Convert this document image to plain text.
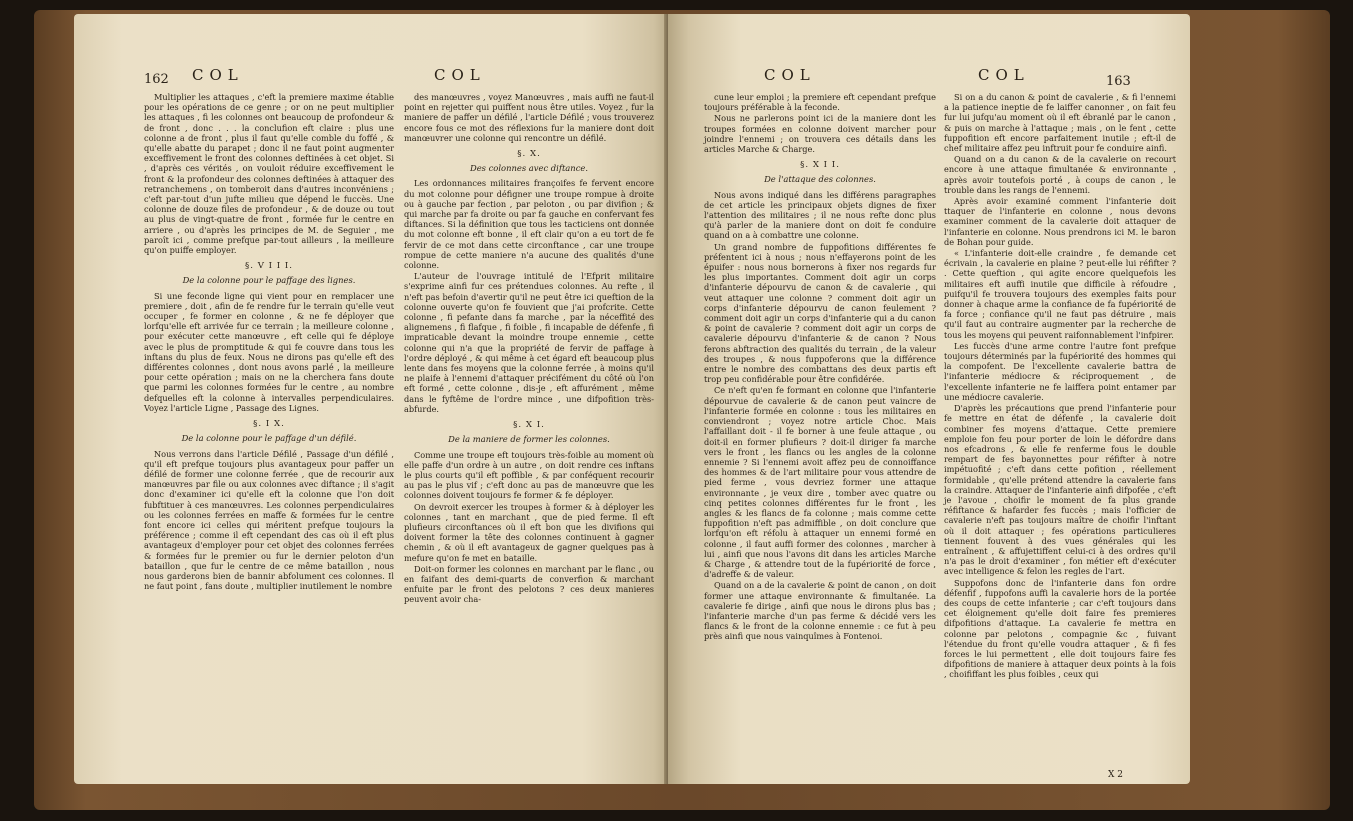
162 COL	COL

Multiplier les attaques , c'eft la premiere maxime établie pour les opérations de ce genre ; or on ne peut multiplier les attaques , fi les colonnes ont beaucoup de profondeur & de front , donc . . . la conclufion eft claire : plus une colonne a de front , plus il faut qu'elle comble du foffé , & qu'elle abatte du parapet ; donc il ne faut point augmenter exceffivement le front des colonnes deftinées à cet objet. Si , d'après ces vérités , on vouloit réduire exceffivement le front & la profondeur des colonnes deftinées à attaquer des retranchemens , on tomberoit dans d'autres inconvéniens ; c'eft par-tout d'un jufte milieu que dépend le fuccès. Une colonne de douze files de profondeur , & de douze ou tout au plus de vingt-quatre de front , formée fur le centre en arriere , ou d'après les principes de M. de Seguier , me paroît ici , comme prefque par-tout ailleurs , la meilleure qu'on puiffe employer.

§. V I I I.
De la colonne pour le paffage des lignes.

Si une feconde ligne qui vient pour en remplacer une premiere , doit , afin de fe rendre fur le terrain qu'elle veut occuper , fe former en colonne , & ne fe déployer que lorfqu'elle eft arrivée fur ce terrain ; la meilleure colonne , pour exécuter cette manœuvre , eft celle qui fe déploye avec le plus de promptitude & qui fe couvre dans tous les inftans du plus de feux. Nous ne dirons pas qu'elle eft des différentes colonnes , dont nous avons parlé , la meilleure pour cette opération ; mais on ne la cherchera fans doute que parmi les colonnes formées fur le centre , au nombre defquelles eft la colonne à intervalles perpendiculaires. Voyez l'article Ligne , Passage des Lignes.

§. I X.
De la colonne pour le paffage d'un défilé.

Nous verrons dans l'article Défilé , Passage d'un défilé , qu'il eft prefque toujours plus avantageux pour paffer un défilé de former une colonne ferrée , que de recourir aux manœuvres par file ou aux colonnes avec diftance ; il s'agit donc d'examiner ici qu'elle eft la colonne que l'on doit fubftituer à ces manœuvres. Les colonnes perpendiculaires ou les colonnes ferrées en maffe & formées fur le centre font encore ici celles qui méritent prefque toujours la préférence ; comme il eft cependant des cas où il eft plus avantageux d'employer pour cet objet des colonnes ferrées & formées fur le premier ou fur le dernier peloton d'un bataillon , que fur le centre de ce même bataillon , nous nous garderons bien de bannir abfolument ces colonnes. Il ne faut point , fans doute , multiplier inutilement le nombre

des manœuvres , voyez Manœuvres , mais auffi ne faut-il point en rejetter qui puiffent nous être utiles. Voyez , fur la maniere de paffer un défilé , l'article Défilé ; vous trouverez encore fous ce mot des réflexions fur la maniere dont doit manœuvrer une colonne qui rencontre un défilé.

§. X.
Des colonnes avec diftance.

Les ordonnances militaires françoifes fe fervent encore du mot colonne pour défigner une troupe rompue à droite ou à gauche par fection , par peloton , ou par divifion ; & qui marche par fa droite ou par fa gauche en confervant fes diftances. Si la définition que tous les tacticiens ont donnée du mot colonne eft bonne , il eft clair qu'on a eu tort de fe fervir de ce mot dans cette circonftance , car une troupe rompue de cette maniere n'a aucune des qualités d'une colonne.

L'auteur de l'ouvrage intitulé de l'Efprit militaire s'exprime ainfi fur ces prétendues colonnes. Au refte , il n'eft pas befoin d'avertir qu'il ne peut être ici queftion de la colonne ouverte qu'on fe fouvient que j'ai profcrite. Cette colonne , fi pefante dans fa marche , par la néceffité des alignemens , fi flafque , fi foible , fi incapable de défenfe , fi impraticable devant la moindre troupe ennemie , cette colonne qui n'a que la propriété de fervir de paffage à l'ordre déployé , & qui même à cet égard eft beaucoup plus lente dans fes moyens que la colonne ferrée , à moins qu'il ne plaife à l'ennemi d'attaquer précifément du côté où l'on eft formé , cette colonne , dis-je , eft affurément , même dans le fyftême de l'ordre mince , une difpofition très-abfurde.

§. X I.
De la maniere de former les colonnes.

Comme une troupe eft toujours très-foible au moment où elle paffe d'un ordre à un autre , on doit rendre ces inftans le plus courts qu'il eft poffible , & par conféquent recourir au pas le plus vif ; c'eft donc au pas de manœuvre que les colonnes doivent toujours fe former & fe déployer.

On devroit exercer les troupes à former & à déployer les colonnes , tant en marchant , que de pied ferme. Il eft plufieurs circonftances où il eft bon que les divifions qui doivent former la tête des colonnes continuent à gagner chemin , & où il eft avantageux de gagner quelques pas à mefure qu'on fe met en bataille.

Doit-on former les colonnes en marchant par le flanc , ou en faifant des demi-quarts de converfion & marchant enfuite par le front des pelotons ? ces deux manieres peuvent avoir cha-

COL	COL	163

cune leur emploi ; la premiere eft cependant prefque toujours préférable à la feconde.

Nous ne parlerons point ici de la maniere dont les troupes formées en colonne doivent marcher pour joindre l'ennemi ; on trouvera ces détails dans les articles Marche & Charge.

§. X I I.
De l'attaque des colonnes.

Nous avons indiqué dans les différens paragraphes de cet article les principaux objets dignes de fixer l'attention des militaires ; il ne nous refte donc plus qu'à parler de la maniere dont on doit fe conduire quand on a à combattre une colonne.

Un grand nombre de fuppofitions différentes fe préfentent ici à nous ; nous n'effayerons point de les épuifer : nous nous bornerons à fixer nos regards fur les plus importantes. Comment doit agir un corps d'infanterie dépourvu de canon & de cavalerie , qui veut attaquer une colonne ? comment doit agir un corps d'infanterie dépourvu de canon feulement ? comment doit agir un corps d'infanterie qui a du canon & point de cavalerie ? comment doit agir un corps de cavalerie dépourvu d'infanterie & de canon ? Nous ferons abftraction des qualités du terrain , de la valeur des troupes , & nous fuppoferons que la différence entre le nombre des combattans des deux partis eft trop peu confidérable pour être confidérée.

Ce n'eft qu'en fe formant en colonne que l'infanterie dépourvue de cavalerie & de canon peut vaincre de l'infanterie formée en colonne : tous les militaires en conviendront ; voyez notre article Choc. Mais l'affaillant doit - il fe borner à une feule attaque , ou doit-il en former plufieurs ? doit-il diriger fa marche vers le front , les flancs ou les angles de la colonne ennemie ? Si l'ennemi avoit affez peu de connoiffance des hommes & de l'art militaire pour vous attendre de pied ferme , vous devriez former une attaque environnante , je veux dire , tomber avec quatre ou cinq petites colonnes différentes fur le front , les angles & les flancs de fa colonne ; mais comme cette fuppofition n'eft pas admiffible , on doit conclure que lorfqu'on eft réfolu à attaquer un ennemi formé en colonne , il faut auffi former des colonnes , marcher à lui , ainfi que nous l'avons dit dans les articles Marche & Charge , & attendre tout de la fupériorité de force , d'adreffe & de valeur.

Quand on a de la cavalerie & point de canon , on doit former une attaque environnante & fimultanée. La cavalerie fe dirige , ainfi que nous le dirons plus bas ; l'infanterie marche d'un pas ferme & décidé vers les flancs & le front de la colonne ennemie : ce fut à peu près ainfi que nous vainquîmes à Fontenoi.

Si on a du canon & point de cavalerie , & fi l'ennemi a la patience ineptie de fe laiffer canonner , on fait feu fur lui jufqu'au moment où il eft ébranlé par le canon , & puis on marche à l'attaque ; mais , on le fent , cette fuppofition eft encore parfaitement inutile ; eft-il de chef militaire affez peu inftruit pour fe conduire ainfi.

Quand on a du canon & de la cavalerie on recourt encore à une attaque fimultanée & environnante , après avoir toutefois porté , à coups de canon , le trouble dans les rangs de l'ennemi.

Après avoir examiné comment l'infanterie doit ttaquer de l'infanterie en colonne , nous devons examiner comment de la cavalerie doit attaquer de l'infanterie en colonne. Nous prendrons ici M. le baron de Bohan pour guide.

« L'infanterie doit-elle craindre , fe demande cet écrivain , la cavalerie en plaine ? peut-elle lui réfifter ? . Cette queftion , qui agite encore quelquefois les militaires eft auffi inutile que difficile à réfoudre , puifqu'il fe trouvera toujours des exemples faits pour donner à chaque arme la confiance de fa fupériorité de fa force ; confiance qu'il ne faut pas détruire , mais qu'il faut au contraire augmenter par la recherche de tous les moyens qui peuvent raifonnablement l'infpirer.

Les fuccès d'une arme contre l'autre font prefque toujours déterminés par la fupériorité des hommes qui la compofent. De l'excellente cavalerie battra de l'infanterie médiocre & réciproquement , de l'excellente infanterie ne fe laiffera point entamer par une médiocre cavalerie.

D'après les précautions que prend l'infanterie pour fe mettre en état de défenfe , la cavalerie doit combiner fes moyens d'attaque. Cette premiere emploie fon feu pour porter de loin le défordre dans nos efcadrons , & elle fe renferme fous le double rempart de fes bayonnettes pour réfifter à notre impétuofité ; c'eft dans cette pofition , réellement formidable , qu'elle prétend attendre la cavalerie fans la craindre. Attaquer de l'infanterie ainfi difpofée , c'eft je l'avoue , choifir le moment de fa plus grande réfiftance & hafarder fes fuccès ; mais l'officier de cavalerie n'eft pas toujours maître de choifir l'inftant où il doit attaquer ; fes opérations particulieres tiennent fouvent à des vues générales qui les entraînent , & affujettiffent celui-ci à des ordres qu'il n'a pas le droit d'examiner , fon métier eft d'exécuter avec intelligence & felon les regles de l'art.

Suppofons donc de l'infanterie dans fon ordre défenfif , fuppofons auffi la cavalerie hors de la portée des coups de cette infanterie ; car c'eft toujours dans cet éloignement qu'elle doit faire fes premieres difpofitions d'attaque. La cavalerie fe mettra en colonne par pelotons , compagnie &c , fuivant l'étendue du front qu'elle voudra attaquer , & fi fes forces le lui permettent , elle doit toujours faire fes difpofitions de maniere à attaquer deux points à la fois , choififfant les plus foibles , ceux qui

X 2
